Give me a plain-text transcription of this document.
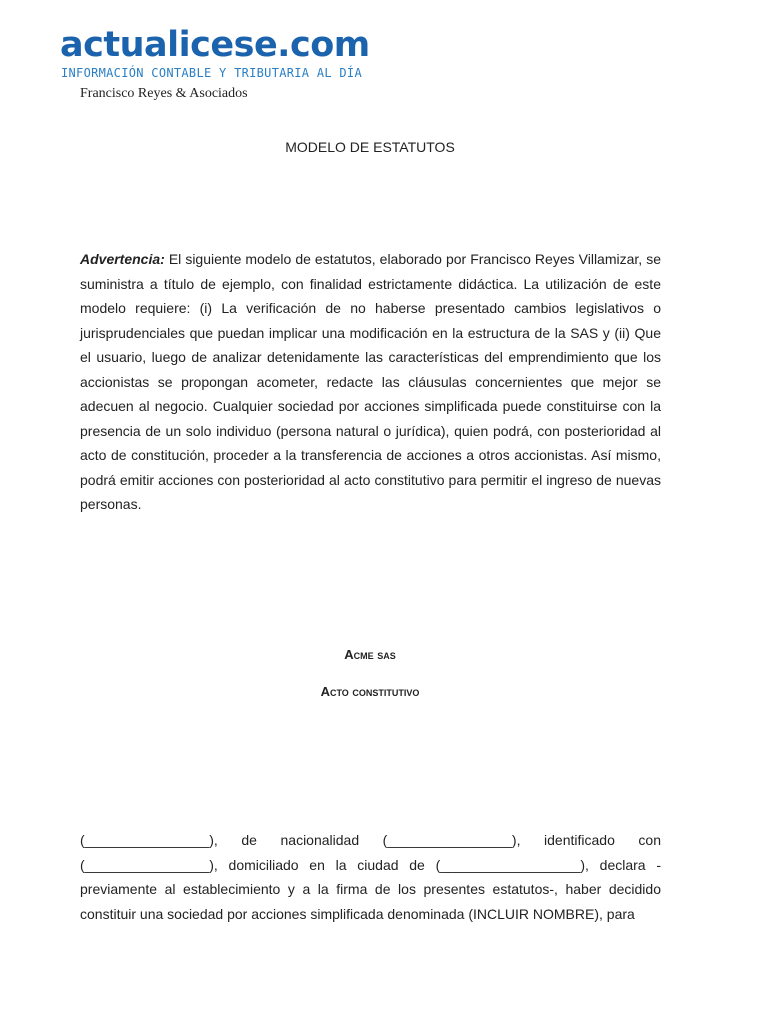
actualicese.com
INFORMACIÓN CONTABLE Y TRIBUTARIA AL DÍA
Francisco Reyes & Asociados
MODELO DE ESTATUTOS

Advertencia: El siguiente modelo de estatutos, elaborado por Francisco Reyes Villamizar, se suministra a título de ejemplo, con finalidad estrictamente didáctica. La utilización de este modelo requiere: (i) La verificación de no haberse presentado cambios legislativos o jurisprudenciales que puedan implicar una modificación en la estructura de la SAS y (ii) Que el usuario, luego de analizar detenidamente las características del emprendimiento que los accionistas se propongan acometer, redacte las cláusulas concernientes que mejor se adecuen al negocio. Cualquier sociedad por acciones simplificada puede constituirse con la presencia de un solo individuo (persona natural o jurídica), quien podrá, con posterioridad al acto de constitución, proceder a la transferencia de acciones a otros accionistas. Así mismo, podrá emitir acciones con posterioridad al acto constitutivo para permitir el ingreso de nuevas personas.

Acme sas
Acto constitutivo

(________________), de nacionalidad (________________), identificado con (________________), domiciliado en la ciudad de (__________________), declara -previamente al establecimiento y a la firma de los presentes estatutos-, haber decidido constituir una sociedad por acciones simplificada denominada (INCLUIR NOMBRE), para
